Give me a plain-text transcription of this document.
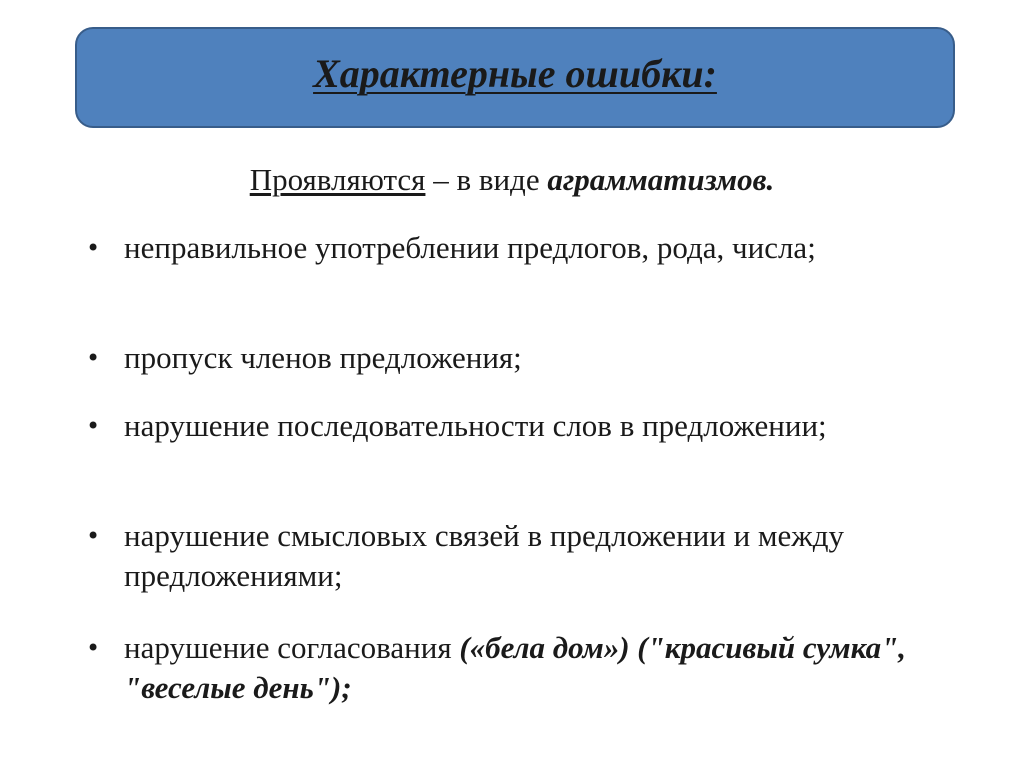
Характерные ошибки:
Проявляются – в виде аграмматизмов.
• неправильное употреблении предлогов, рода, числа;
• пропуск членов предложения;
• нарушение последовательности слов в предложении;
• нарушение смысловых связей в предложении и между предложениями;
• нарушение согласования («бела дом») ("красивый сумка", "веселые день");
